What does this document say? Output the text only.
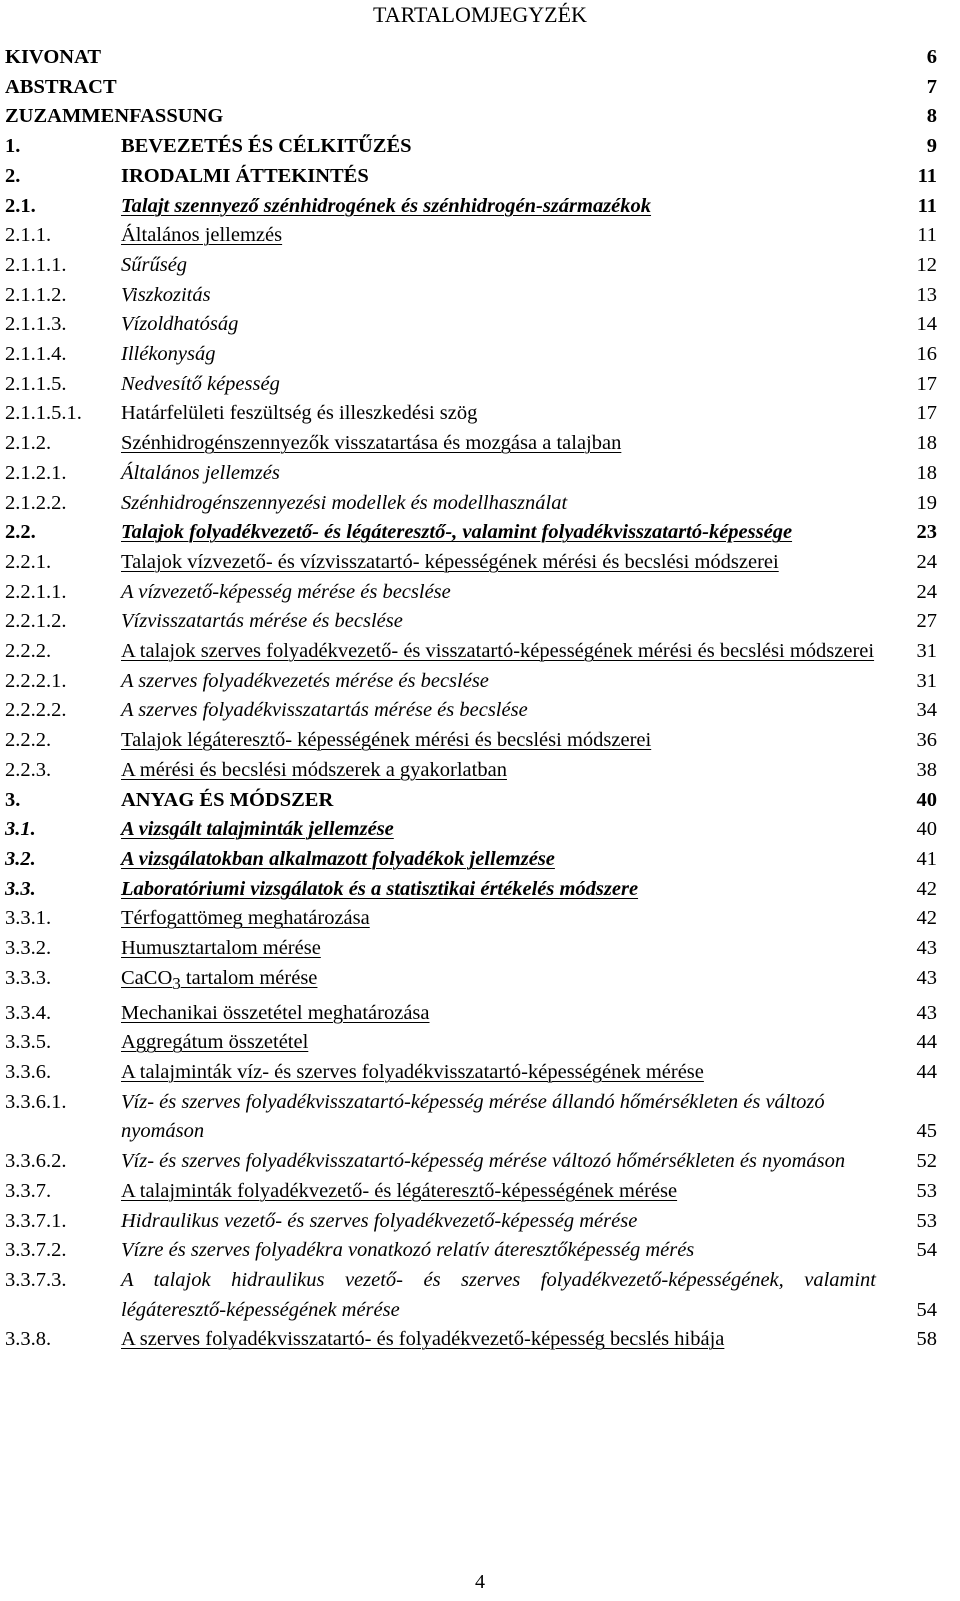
TARTALOMJEGYZÉK
KIVONAT	6
ABSTRACT	7
ZUZAMMENFASSUNG	8
1.	BEVEZETÉS ÉS CÉLKITŰZÉS	9
2.	IRODALMI ÁTTEKINTÉS	11
2.1.	Talajt szennyező szénhidrogének és szénhidrogén-származékok	11
2.1.1.	Általános jellemzés	11
2.1.1.1.	Sűrűség	12
2.1.1.2.	Viszkozitás	13
2.1.1.3.	Vízoldhatóság	14
2.1.1.4.	Illékonyság	16
2.1.1.5.	Nedvesítő képesség	17
2.1.1.5.1. Határfelületi feszültség és illeszkedési szög	17
2.1.2.	Szénhidrogénszennyezők visszatartása és mozgása a talajban	18
2.1.2.1.	Általános jellemzés	18
2.1.2.2.	Szénhidrogénszennyezési modellek és modellhasználat	19
2.2.	Talajok folyadékvezető- és légáteresztő-, valamint folyadékvisszatartó-képessége	23
2.2.1.	Talajok vízvezető- és vízvisszatartó- képességének mérési és becslési módszerei	24
2.2.1.1.	A vízvezető-képesség mérése és becslése	24
2.2.1.2.	Vízvisszatartás mérése és becslése	27
2.2.2.	A talajok szerves folyadékvezető- és visszatartó-képességének mérési és becslési módszerei 31
2.2.2.1.	A szerves folyadékvezetés mérése és becslése	31
2.2.2.2.	A szerves folyadékvisszatartás mérése és becslése	34
2.2.2.	Talajok légáteresztő- képességének mérési és becslési módszerei	36
2.2.3.	A mérési és becslési módszerek a gyakorlatban	38
3.	ANYAG ÉS MÓDSZER	40
3.1.	A vizsgált talajminták jellemzése	40
3.2.	A vizsgálatokban alkalmazott folyadékok jellemzése	41
3.3.	Laboratóriumi vizsgálatok és a statisztikai értékelés módszere	42
3.3.1.	Térfogattömeg meghatározása	42
3.3.2.	Humusztartalom mérése	43
3.3.3.	CaCO$_3$ tartalom mérése	43
3.3.4.	Mechanikai összetétel meghatározása	43
3.3.5.	Aggregátum összetétel	44
3.3.6.	A talajminták víz- és szerves folyadékvisszatartó-képességének mérése	44
3.3.6.1.	Víz- és szerves folyadékvisszatartó-képesség mérése állandó hőmérsékleten és változó nyomáson	45
3.3.6.2.	Víz- és szerves folyadékvisszatartó-képesség mérése változó hőmérsékleten és nyomáson	52
3.3.7.	A talajminták folyadékvezető- és légáteresztő-képességének mérése	53
3.3.7.1.	Hidraulikus vezető- és szerves folyadékvezető-képesség mérése	53
3.3.7.2.	Vízre és szerves folyadékra vonatkozó relatív áteresztőképesség mérés	54
3.3.7.3.	A talajok hidraulikus vezető- és szerves folyadékvezető-képességének, valamint légáteresztő-képességének mérése	54
3.3.8.	A szerves folyadékvisszatartó- és folyadékvezető-képesség becslés hibája	58
4
